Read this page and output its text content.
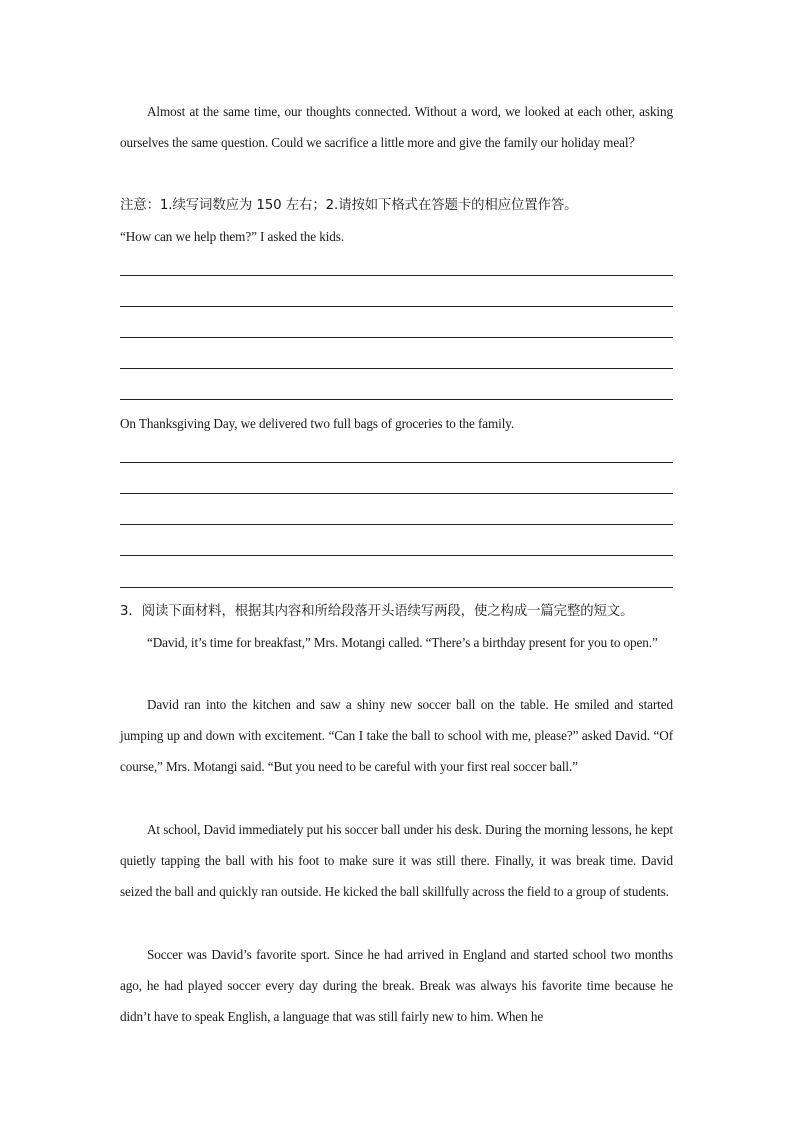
Almost at the same time, our thoughts connected. Without a word, we looked at each other, asking ourselves the same question. Could we sacrifice a little more and give the family our holiday meal？
注意：1.续写词数应为 150 左右；2.请按如下格式在答题卡的相应位置作答。
“How can we help them?” I asked the kids.
On Thanksgiving Day, we delivered two full bags of groceries to the family.
3．阅读下面材料，根据其内容和所给段落开头语续写两段，使之构成一篇完整的短文。
“David, it’s time for breakfast,” Mrs. Motangi called. “There’s a birthday present for you to open.”
David ran into the kitchen and saw a shiny new soccer ball on the table. He smiled and started jumping up and down with excitement. “Can I take the ball to school with me, please?” asked David. “Of course,” Mrs. Motangi said. “But you need to be careful with your first real soccer ball.”
At school, David immediately put his soccer ball under his desk. During the morning lessons, he kept quietly tapping the ball with his foot to make sure it was still there. Finally, it was break time. David seized the ball and quickly ran outside. He kicked the ball skillfully across the field to a group of students.
Soccer was David’s favorite sport. Since he had arrived in England and started school two months ago, he had played soccer every day during the break. Break was always his favorite time because he didn’t have to speak English, a language that was still fairly new to him. When he
